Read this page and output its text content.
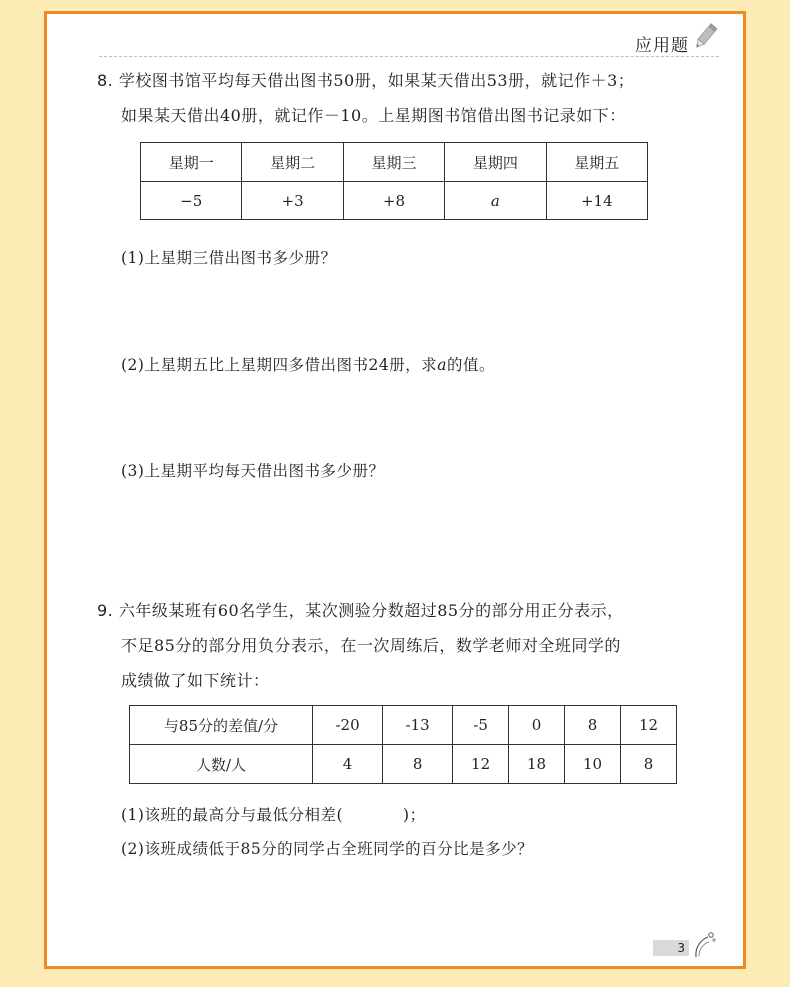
应用题
8. 学校图书馆平均每天借出图书50册，如果某天借出53册，就记作＋3；
如果某天借出40册，就记作－10。上星期图书馆借出图书记录如下：
星期一	星期二	星期三	星期四	星期五
−5	+3	+8	a	+14
(1)上星期三借出图书多少册？
(2)上星期五比上星期四多借出图书24册，求a的值。
(3)上星期平均每天借出图书多少册？
9. 六年级某班有60名学生，某次测验分数超过85分的部分用正分表示，
不足85分的部分用负分表示，在一次周练后，数学老师对全班同学的
成绩做了如下统计：
与85分的差值/分	-20	-13	-5	0	8	12
人数/人	4	8	12	18	10	8
(1)该班的最高分与最低分相差(	)；
(2)该班成绩低于85分的同学占全班同学的百分比是多少？
3
